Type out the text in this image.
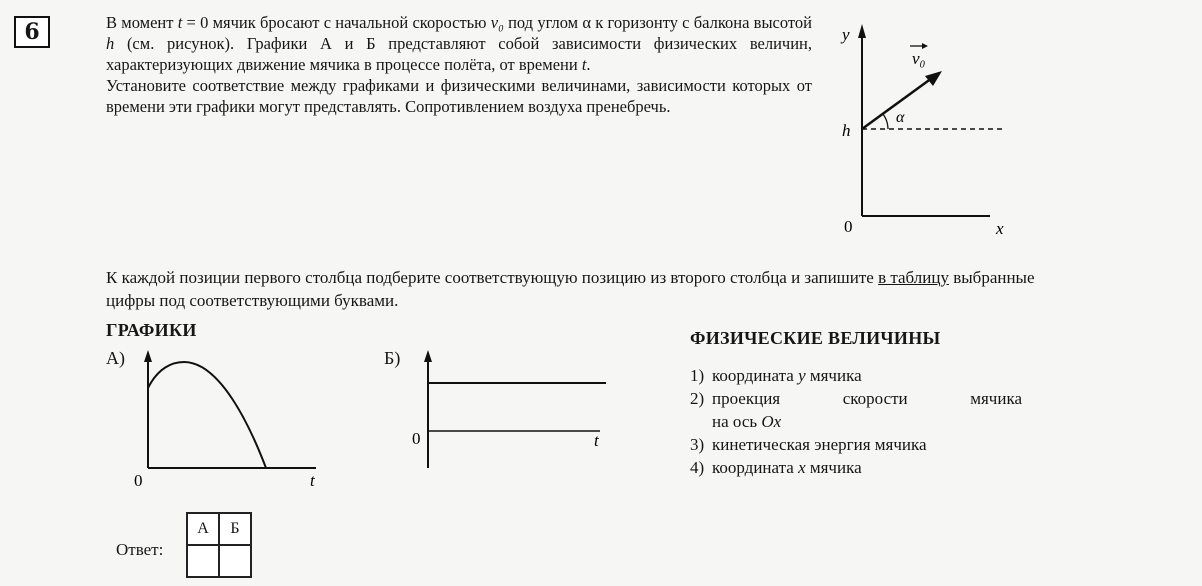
6	В момент t = 0 мячик бросают с начальной скоростью v₀ под углом α к горизонту с балкона высотой h (см. рисунок). Графики А и Б представляют собой зависимости физических величин, характеризующих движение мячика в процессе полёта, от времени t.

Установите соответствие между графиками и физическими величинами, зависимости которых от времени эти графики могут представлять. Сопротивлением воздуха пренебречь.

y
x
0
h
α
v₀
К каждой позиции первого столбца подберите соответствующую позицию из второго столбца и запишите в таблицу выбранные цифры под соответствующими буквами.
ГРАФИКИ
А)	Б)
0	t
0	t
ФИЗИЧЕСКИЕ ВЕЛИЧИНЫ
1) координата y мячика
2) проекция	скорости	мячика
на ось Ox
3) кинетическая энергия мячика
4) координата x мячика
Ответ:
А	Б
